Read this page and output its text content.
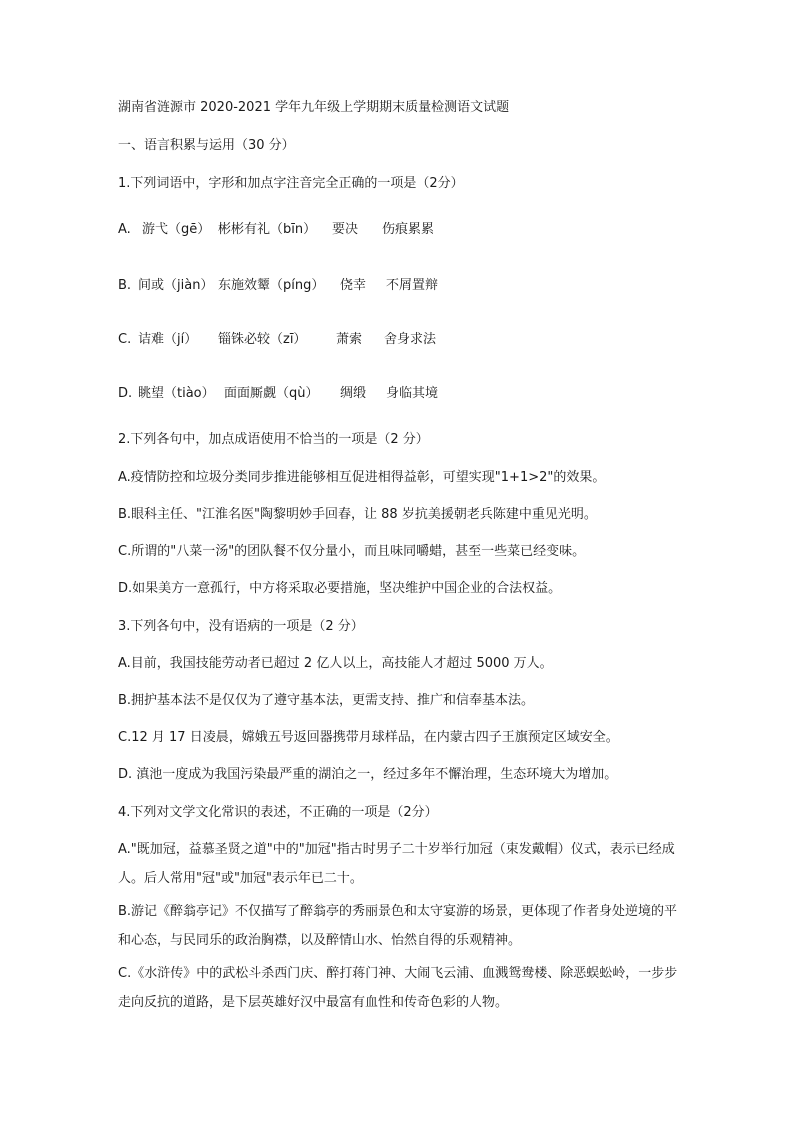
湖南省涟源市 2020-2021 学年九年级上学期期末质量检测语文试题
一、语言积累与运用（30 分）
1.下列词语中，字形和加点字注音完全正确的一项是（2分）
A. 游弋（gē） 彬彬有礼（bīn） 要决 伤痕累累
B. 间或（jiàn） 东施效颦（píng） 侥幸 不屑置辩
C. 诘难（jí） 锱铢必较（zī） 萧索 舍身求法
D. 眺望（tiào） 面面厮觑（qù） 绸缎 身临其境
2.下列各句中，加点成语使用不恰当的一项是（2 分）
A.疫情防控和垃圾分类同步推进能够相互促进相得益彰，可望实现"1+1>2"的效果。
B.眼科主任、"江淮名医"陶黎明妙手回春，让 88 岁抗美援朝老兵陈建中重见光明。
C.所谓的"八菜一汤"的团队餐不仅分量小，而且味同嚼蜡，甚至一些菜已经变味。
D.如果美方一意孤行，中方将采取必要措施，坚决维护中国企业的合法权益。
3.下列各句中，没有语病的一项是（2 分）
A.目前，我国技能劳动者已超过 2 亿人以上，高技能人才超过 5000 万人。
B.拥护基本法不是仅仅为了遵守基本法，更需支持、推广和信奉基本法。
C.12 月 17 日凌晨，嫦娥五号返回器携带月球样品，在内蒙古四子王旗预定区域安全。
D. 滇池一度成为我国污染最严重的湖泊之一，经过多年不懈治理，生态环境大为增加。
4.下列对文学文化常识的表述，不正确的一项是（2分）
A."既加冠，益慕圣贤之道"中的"加冠"指古时男子二十岁举行加冠（束发戴帽）仪式，表示已经成人。后人常用"冠"或"加冠"表示年已二十。
B.游记《醉翁亭记》不仅描写了醉翁亭的秀丽景色和太守宴游的场景，更体现了作者身处逆境的平和心态，与民同乐的政治胸襟，以及醉情山水、怡然自得的乐观精神。
C.《水浒传》中的武松斗杀西门庆、醉打蒋门神、大闹飞云浦、血溅鸳鸯楼、除恶蜈蚣岭，一步步走向反抗的道路，是下层英雄好汉中最富有血性和传奇色彩的人物。
